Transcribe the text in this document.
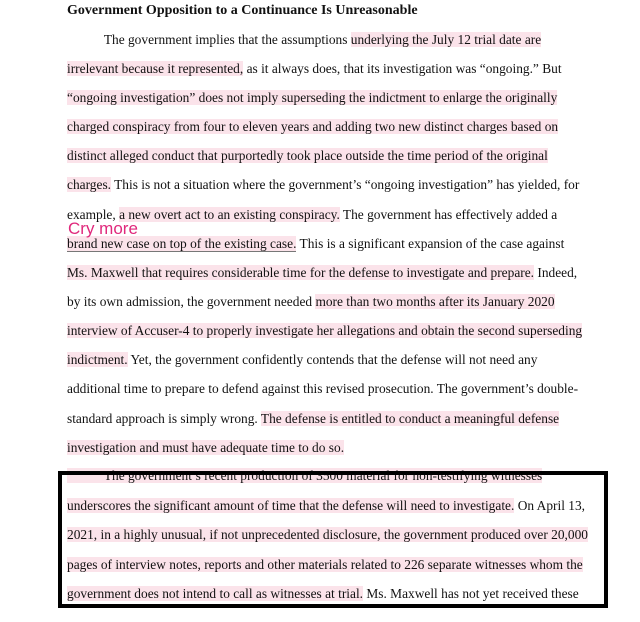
Government Opposition to a Continuance Is Unreasonable
The government implies that the assumptions underlying the July 12 trial date are
irrelevant because it represented, as it always does, that its investigation was “ongoing.” But
“ongoing investigation” does not imply superseding the indictment to enlarge the originally
charged conspiracy from four to eleven years and adding two new distinct charges based on
distinct alleged conduct that purportedly took place outside the time period of the original
charges. This is not a situation where the government’s “ongoing investigation” has yielded, for
example, a new overt act to an existing conspiracy. The government has effectively added a
brand new case on top of the existing case. This is a significant expansion of the case against
Ms. Maxwell that requires considerable time for the defense to investigate and prepare. Indeed,
by its own admission, the government needed more than two months after its January 2020
interview of Accuser-4 to properly investigate her allegations and obtain the second superseding
indictment. Yet, the government confidently contends that the defense will not need any
additional time to prepare to defend against this revised prosecution. The government’s double-
standard approach is simply wrong. The defense is entitled to conduct a meaningful defense
investigation and must have adequate time to do so.
The government’s recent production of 3500 material for non-testifying witnesses
underscores the significant amount of time that the defense will need to investigate. On April 13,
2021, in a highly unusual, if not unprecedented disclosure, the government produced over 20,000
pages of interview notes, reports and other materials related to 226 separate witnesses whom the
government does not intend to call as witnesses at trial. Ms. Maxwell has not yet received these
Cry more
